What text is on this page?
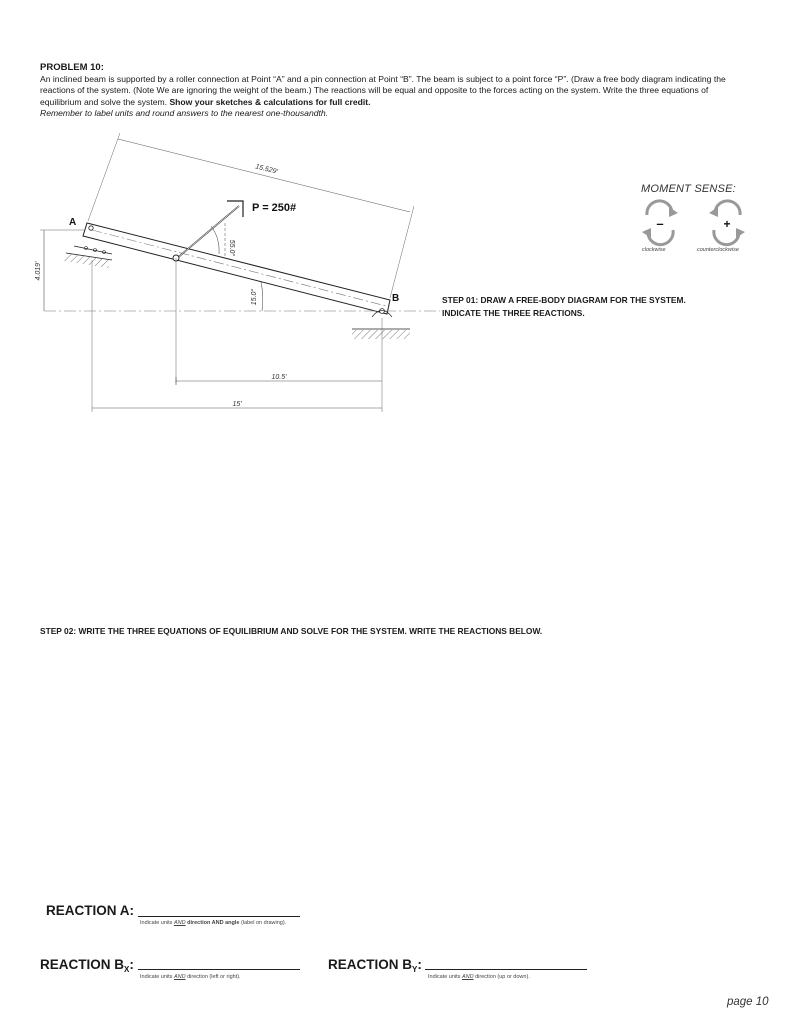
PROBLEM 10:
An inclined beam is supported by a roller connection at Point “A” and a pin connection at Point “B”. The beam is subject to a point force “P”. (Draw a free body diagram indicating the reactions of the system. (Note We are ignoring the weight of the beam.) The reactions will be equal and opposite to the forces acting on the system. Write the three equations of equilibrium and solve the system. Show your sketches & calculations for full credit.
Remember to label units and round answers to the nearest one-thousandth.
15.529'
4.019'
A
B
P = 250#
55.0°
15.0°
10.5'
15'
–	+
MOMENT SENSE:
clockwise	counterclockwise
STEP 01: DRAW A FREE-BODY DIAGRAM FOR THE SYSTEM.
INDICATE THE THREE REACTIONS.
STEP 02: WRITE THE THREE EQUATIONS OF EQUILIBRIUM AND SOLVE FOR THE SYSTEM. WRITE THE REACTIONS BELOW.
REACTION A:
Indicate units AND direction AND angle (label on drawing).
REACTION $B_X$:
Indicate units AND direction (left or right).
REACTION $B_Y$:
Indicate units AND direction (up or down).
page 10
